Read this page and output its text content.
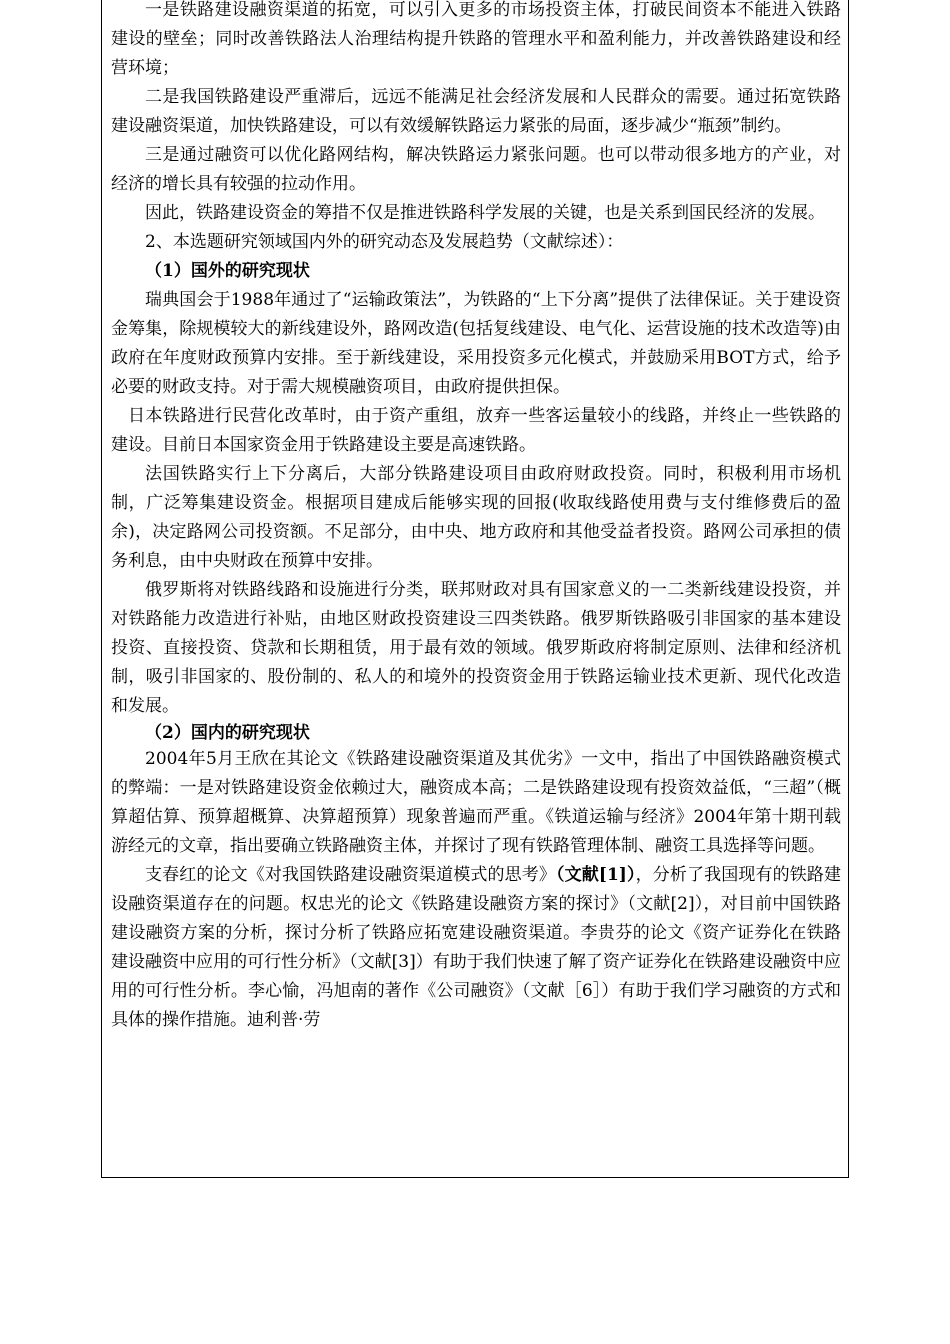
一是铁路建设融资渠道的拓宽，可以引入更多的市场投资主体，打破民间资本不能进入铁路建设的壁垒；同时改善铁路法人治理结构提升铁路的管理水平和盈利能力，并改善铁路建设和经营环境；

二是我国铁路建设严重滞后，远远不能满足社会经济发展和人民群众的需要。通过拓宽铁路建设融资渠道，加快铁路建设，可以有效缓解铁路运力紧张的局面，逐步减少“瓶颈”制约。

三是通过融资可以优化路网结构，解决铁路运力紧张问题。也可以带动很多地方的产业，对经济的增长具有较强的拉动作用。

因此，铁路建设资金的筹措不仅是推进铁路科学发展的关键，也是关系到国民经济的发展。

2、本选题研究领域国内外的研究动态及发展趋势（文献综述）：

（1）国外的研究现状

瑞典国会于1988年通过了“运输政策法”，为铁路的“上下分离”提供了法律保证。关于建设资金筹集，除规模较大的新线建设外，路网改造(包括复线建设、电气化、运营设施的技术改造等)由政府在年度财政预算内安排。至于新线建设，采用投资多元化模式，并鼓励采用BOT方式，给予必要的财政支持。对于需大规模融资项目，由政府提供担保。

日本铁路进行民营化改革时，由于资产重组，放弃一些客运量较小的线路，并终止一些铁路的建设。目前日本国家资金用于铁路建设主要是高速铁路。

法国铁路实行上下分离后，大部分铁路建设项目由政府财政投资。同时，积极利用市场机制，广泛筹集建设资金。根据项目建成后能够实现的回报(收取线路使用费与支付维修费后的盈余)，决定路网公司投资额。不足部分，由中央、地方政府和其他受益者投资。路网公司承担的债务利息，由中央财政在预算中安排。

俄罗斯将对铁路线路和设施进行分类，联邦财政对具有国家意义的一二类新线建设投资，并对铁路能力改造进行补贴，由地区财政投资建设三四类铁路。俄罗斯铁路吸引非国家的基本建设投资、直接投资、贷款和长期租赁，用于最有效的领域。俄罗斯政府将制定原则、法律和经济机制，吸引非国家的、股份制的、私人的和境外的投资资金用于铁路运输业技术更新、现代化改造和发展。

（2）国内的研究现状

2004年5月王欣在其论文《铁路建设融资渠道及其优劣》一文中，指出了中国铁路融资模式的弊端：一是对铁路建设资金依赖过大，融资成本高；二是铁路建设现有投资效益低，“三超”（概算超估算、预算超概算、决算超预算）现象普遍而严重。《铁道运输与经济》2004年第十期刊载游经元的文章，指出要确立铁路融资主体，并探讨了现有铁路管理体制、融资工具选择等问题。

支春红的论文《对我国铁路建设融资渠道模式的思考》（文献[1]），分析了我国现有的铁路建设融资渠道存在的问题。权忠光的论文《铁路建设融资方案的探讨》（文献[2]），对目前中国铁路建设融资方案的分析，探讨分析了铁路应拓宽建设融资渠道。李贵芬的论文《资产证券化在铁路建设融资中应用的可行性分析》（文献[3]）有助于我们快速了解了资产证券化在铁路建设融资中应用的可行性分析。李心愉，冯旭南的著作《公司融资》（文献［6］）有助于我们学习融资的方式和具体的操作措施。迪利普·劳
